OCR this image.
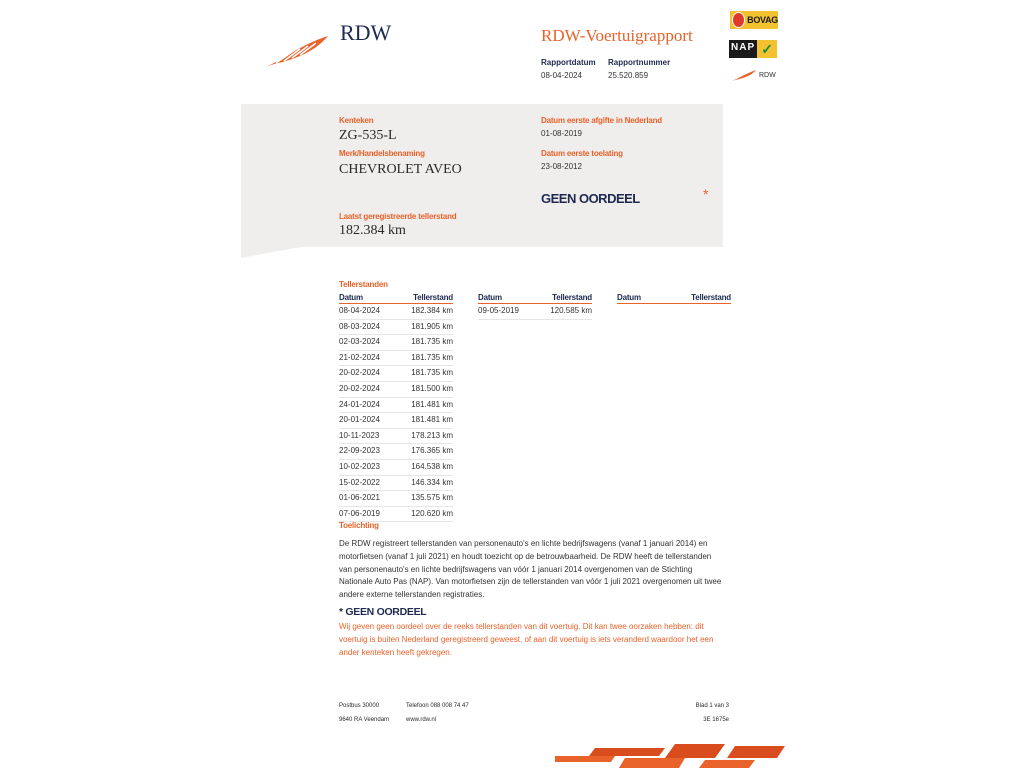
RDW	RDW-Voertuigrapport
Rapportdatum Rapportnummer
08-04-2024	25.520.859
BOVAG
NAP ✓
RDW
Kenteken
ZG-535-L
Merk/Handelsbenaming
CHEVROLET AVEO
Laatst geregistreerde tellerstand
182.384 km
Datum eerste afgifte in Nederland
01-08-2019
Datum eerste toelating
23-08-2012
GEEN OORDEEL	*
Tellerstanden
Datum	Tellerstand
08-04-2024	182.384 km
08-03-2024	181.905 km
02-03-2024	181.735 km
21-02-2024	181.735 km
20-02-2024	181.735 km
20-02-2024	181.500 km
24-01-2024	181.481 km
20-01-2024	181.481 km
10-11-2023	178.213 km
22-09-2023	176.365 km
10-02-2023	164.538 km
15-02-2022	146.334 km
01-06-2021	135.575 km
07-06-2019	120.620 km
Datum	Tellerstand
09-05-2019	120.585 km
Datum	Tellerstand
Toelichting
De RDW registreert tellerstanden van personenauto's en lichte bedrijfswagens (vanaf 1 januari 2014) en motorfietsen (vanaf 1 juli 2021) en houdt toezicht op de betrouwbaarheid. De RDW heeft de tellerstanden van personenauto's en lichte bedrijfswagens van vóór 1 januari 2014 overgenomen van de Stichting Nationale Auto Pas (NAP). Van motorfietsen zijn de tellerstanden van vóór 1 juli 2021 overgenomen uit twee andere externe tellerstanden registraties.
* GEEN OORDEEL
Wij geven geen oordeel over de reeks tellerstanden van dit voertuig. Dit kan twee oorzaken hebben: dit voertuig is buiten Nederland geregistreerd geweest, of aan dit voertuig is iets veranderd waardoor het een ander kenteken heeft gekregen.
Postbus 30000
9640 RA Veendam
Telefoon 088 008 74 47
www.rdw.nl
Blad 1 van 3
3E 1675e
